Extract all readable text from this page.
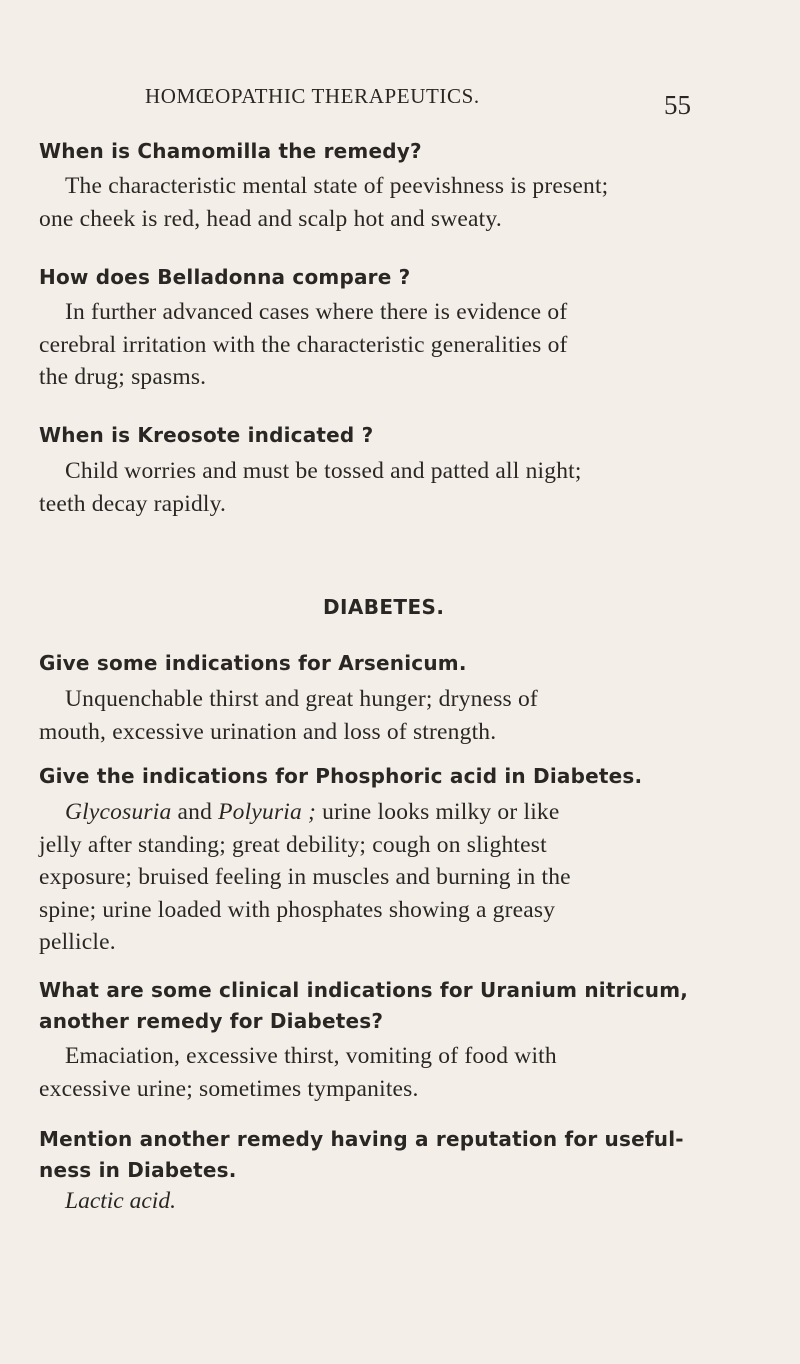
HOMŒOPATHIC THERAPEUTICS.	55
When is Chamomilla the remedy?
The characteristic mental state of peevishness is present;
one cheek is red, head and scalp hot and sweaty.
How does Belladonna compare ?
In further advanced cases where there is evidence of
cerebral irritation with the characteristic generalities of
the drug; spasms.
When is Kreosote indicated ?
Child worries and must be tossed and patted all night;
teeth decay rapidly.
DIABETES.
Give some indications for Arsenicum.
Unquenchable thirst and great hunger; dryness of
mouth, excessive urination and loss of strength.
Give the indications for Phosphoric acid in Diabetes.
Glycosuria and Polyuria ; urine looks milky or like
jelly after standing; great debility; cough on slightest
exposure; bruised feeling in muscles and burning in the
spine; urine loaded with phosphates showing a greasy
pellicle.
What are some clinical indications for Uranium nitricum,
another remedy for Diabetes?
Emaciation, excessive thirst, vomiting of food with
excessive urine; sometimes tympanites.
Mention another remedy having a reputation for useful-
ness in Diabetes.
Lactic acid.
